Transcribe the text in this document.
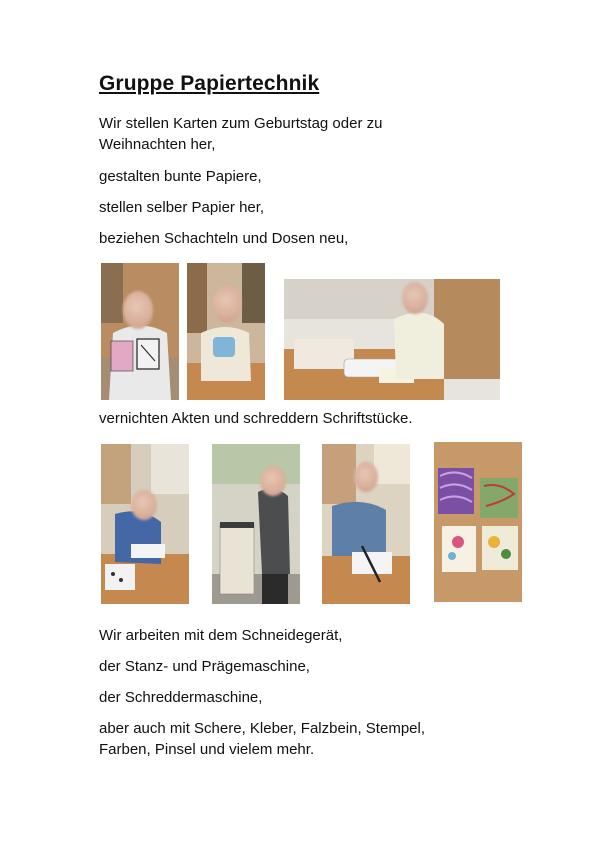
Gruppe Papiertechnik

Wir stellen Karten zum Geburtstag oder zu

Weihnachten her,

gestalten bunte Papiere,

stellen selber Papier her,

beziehen Schachteln und Dosen neu,

vernichten Akten und schreddern Schriftstücke.

Wir arbeiten mit dem Schneidegerät,

der Stanz- und Prägemaschine,

der Schreddermaschine,

aber auch mit Schere, Kleber, Falzbein, Stempel,

Farben, Pinsel und vielem mehr.
